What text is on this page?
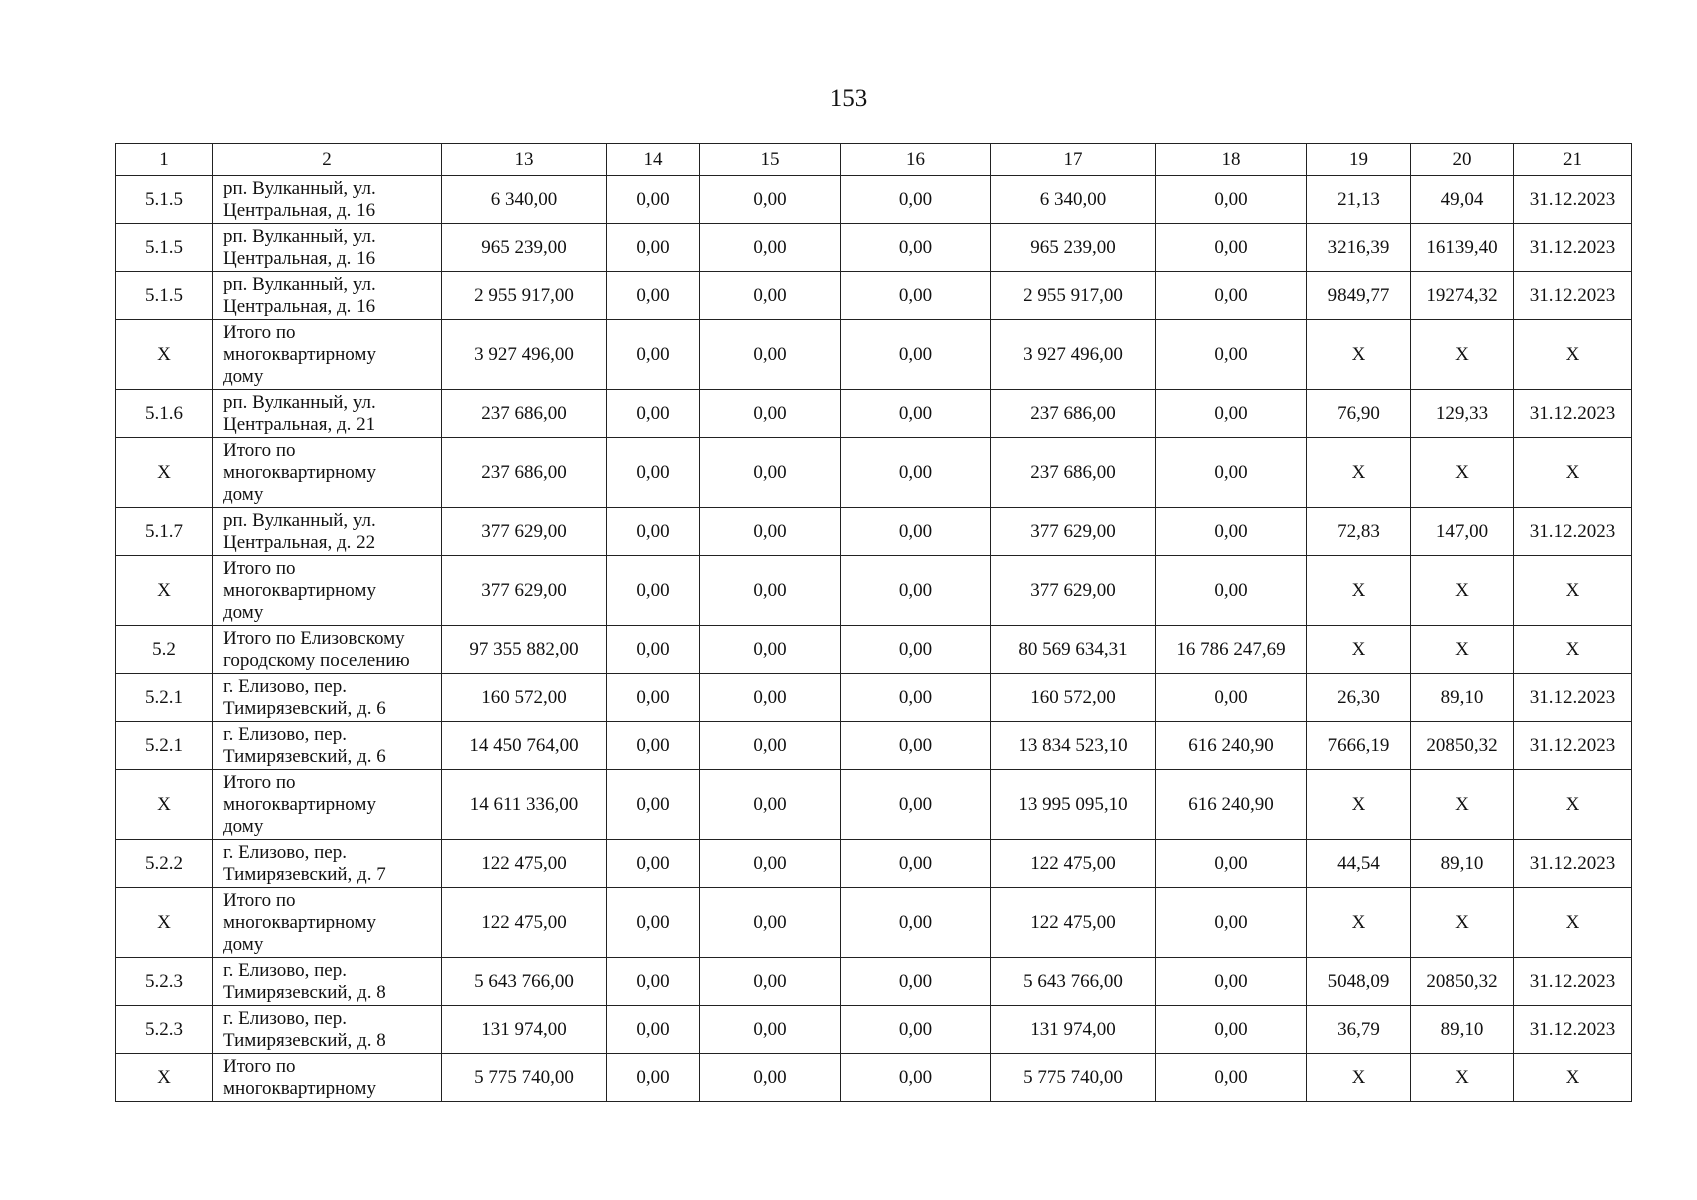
153
1	2	13	14	15	16	17	18	19	20	21
5.1.5	рп. Вулканный, ул.
Центральная, д. 16	6 340,00	0,00	0,00	0,00	6 340,00	0,00	21,13	49,04	31.12.2023
5.1.5	рп. Вулканный, ул.
Центральная, д. 16	965 239,00	0,00	0,00	0,00	965 239,00	0,00	3216,39	16139,40	31.12.2023
5.1.5	рп. Вулканный, ул.
Центральная, д. 16	2 955 917,00	0,00	0,00	0,00	2 955 917,00	0,00	9849,77	19274,32	31.12.2023
X	Итого по
многоквартирному
дому	3 927 496,00	0,00	0,00	0,00	3 927 496,00	0,00	X	X	X
5.1.6	рп. Вулканный, ул.
Центральная, д. 21	237 686,00	0,00	0,00	0,00	237 686,00	0,00	76,90	129,33	31.12.2023
X	Итого по
многоквартирному
дому	237 686,00	0,00	0,00	0,00	237 686,00	0,00	X	X	X
5.1.7	рп. Вулканный, ул.
Центральная, д. 22	377 629,00	0,00	0,00	0,00	377 629,00	0,00	72,83	147,00	31.12.2023
X	Итого по
многоквартирному
дому	377 629,00	0,00	0,00	0,00	377 629,00	0,00	X	X	X
5.2	Итого по Елизовскому
городскому поселению	97 355 882,00	0,00	0,00	0,00	80 569 634,31	16 786 247,69	X	X	X
5.2.1	г. Елизово, пер.
Тимирязевский, д. 6	160 572,00	0,00	0,00	0,00	160 572,00	0,00	26,30	89,10	31.12.2023
5.2.1	г. Елизово, пер.
Тимирязевский, д. 6	14 450 764,00	0,00	0,00	0,00	13 834 523,10	616 240,90	7666,19	20850,32	31.12.2023
X	Итого по
многоквартирному
дому	14 611 336,00	0,00	0,00	0,00	13 995 095,10	616 240,90	X	X	X
5.2.2	г. Елизово, пер.
Тимирязевский, д. 7	122 475,00	0,00	0,00	0,00	122 475,00	0,00	44,54	89,10	31.12.2023
X	Итого по
многоквартирному
дому	122 475,00	0,00	0,00	0,00	122 475,00	0,00	X	X	X
5.2.3	г. Елизово, пер.
Тимирязевский, д. 8	5 643 766,00	0,00	0,00	0,00	5 643 766,00	0,00	5048,09	20850,32	31.12.2023
5.2.3	г. Елизово, пер.
Тимирязевский, д. 8	131 974,00	0,00	0,00	0,00	131 974,00	0,00	36,79	89,10	31.12.2023
X	Итого по
многоквартирному	5 775 740,00	0,00	0,00	0,00	5 775 740,00	0,00	X	X	X
